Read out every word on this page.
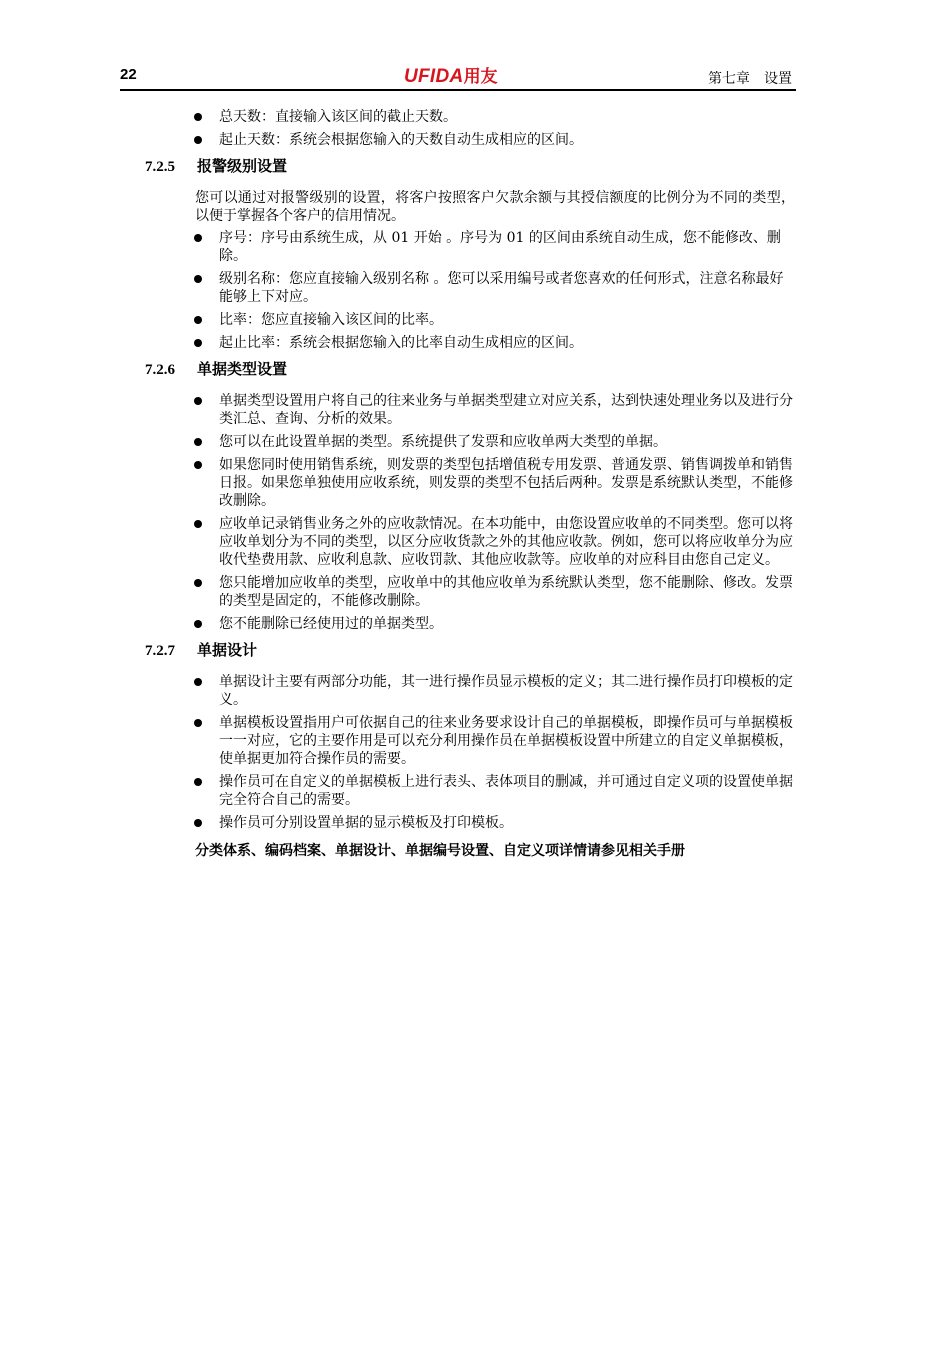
22	UFIDA用友	第七章　设置
总天数：直接输入该区间的截止天数。
起止天数：系统会根据您输入的天数自动生成相应的区间。
7.2.5 报警级别设置

您可以通过对报警级别的设置，将客户按照客户欠款余额与其授信额度的比例分为不同的类型，以便于掌握各个客户的信用情况。

序号：序号由系统生成，从 01 开始 。序号为 01 的区间由系统自动生成，您不能修改、删除。
级别名称：您应直接输入级别名称 。您可以采用编号或者您喜欢的任何形式，注意名称最好能够上下对应。
比率：您应直接输入该区间的比率。
起止比率：系统会根据您输入的比率自动生成相应的区间。
7.2.6 单据类型设置
单据类型设置用户将自己的往来业务与单据类型建立对应关系，达到快速处理业务以及进行分类汇总、查询、分析的效果。
您可以在此设置单据的类型。系统提供了发票和应收单两大类型的单据。
如果您同时使用销售系统，则发票的类型包括增值税专用发票、普通发票、销售调拨单和销售日报。如果您单独使用应收系统，则发票的类型不包括后两种。发票是系统默认类型，不能修改删除。
应收单记录销售业务之外的应收款情况。在本功能中，由您设置应收单的不同类型。您可以将应收单划分为不同的类型，以区分应收货款之外的其他应收款。例如，您可以将应收单分为应收代垫费用款、应收利息款、应收罚款、其他应收款等。应收单的对应科目由您自己定义。
您只能增加应收单的类型，应收单中的其他应收单为系统默认类型，您不能删除、修改。发票的类型是固定的，不能修改删除。
您不能删除已经使用过的单据类型。
7.2.7 单据设计
单据设计主要有两部分功能，其一进行操作员显示模板的定义；其二进行操作员打印模板的定义。
单据模板设置指用户可依据自己的往来业务要求设计自己的单据模板，即操作员可与单据模板一一对应，它的主要作用是可以充分利用操作员在单据模板设置中所建立的自定义单据模板，使单据更加符合操作员的需要。
操作员可在自定义的单据模板上进行表头、表体项目的删减，并可通过自定义项的设置使单据完全符合自己的需要。
操作员可分别设置单据的显示模板及打印模板。
分类体系、编码档案、单据设计、单据编号设置、自定义项详情请参见相关手册
